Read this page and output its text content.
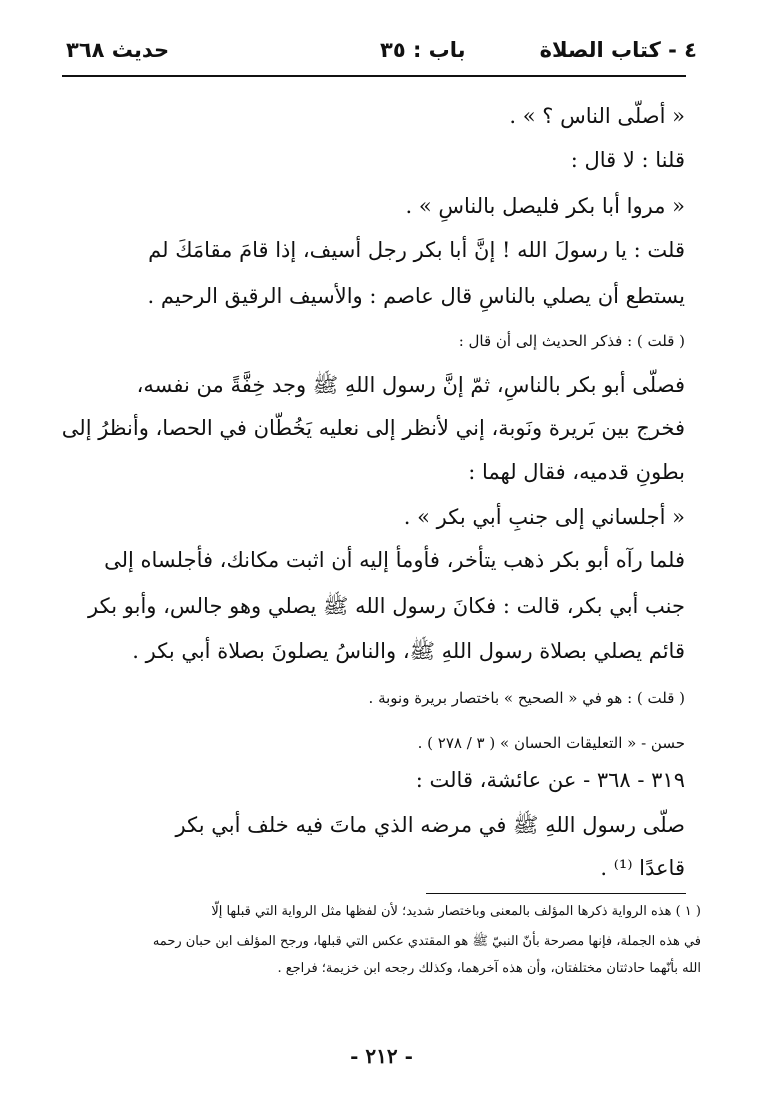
٤ - كتاب الصلاة
باب : ٣٥
حديث ٣٦٨
« أصلّى الناس ؟ » .
قلنا : لا قال :
« مروا أبا بكر فليصل بالناسِ » .
قلت : يا رسولَ الله ! إنَّ أبا بكر رجل أسيف، إذا قامَ مقامَكَ لم
يستطع أن يصلي بالناسِ قال عاصم : والأسيف الرقيق الرحيم .
( قلت ) : فذكر الحديث إلى أن قال :
فصلّى أبو بكر بالناسِ، ثمّ إنَّ رسول اللهِ ﷺ وجد خِفَّةً من نفسه،
فخرج بين بَريرة ونَوبة، إني لأنظر إلى نعليه يَخُطّان في الحصا، وأنظرُ إلى
بطونِ قدميه، فقال لهما :
« أجلساني إلى جنبِ أبي بكر » .
فلما رآه أبو بكر ذهب يتأخر، فأومأ إليه أن اثبت مكانك، فأجلساه إلى
جنب أبي بكر، قالت : فكانَ رسول الله ﷺ يصلي وهو جالس، وأبو بكر
قائم يصلي بصلاة رسول اللهِ ﷺ، والناسُ يصلونَ بصلاة أبي بكر .
( قلت ) : هو في « الصحيح » باختصار بريرة ونوبة .
حسن - « التعليقات الحسان » ( ٣ / ٢٧٨ ) .
٣١٩ - ٣٦٨ - عن عائشة، قالت :
صلّى رسول اللهِ ﷺ في مرضه الذي ماتَ فيه خلف أبي بكر
قاعدًا ⁽¹⁾ .
( ١ ) هذه الرواية ذكرها المؤلف بالمعنى وباختصار شديد؛ لأن لفظها مثل الرواية التي قبلها إلّا
في هذه الجملة، فإنها مصرحة بأنّ النبيّ ﷺ هو المقتدي عكس التي قبلها، ورجح المؤلف ابن حبان رحمه
الله بأنّهما حادثتان مختلفتان، وأن هذه آخرهما، وكذلك رجحه ابن خزيمة؛ فراجع .
- ٢١٢ -
